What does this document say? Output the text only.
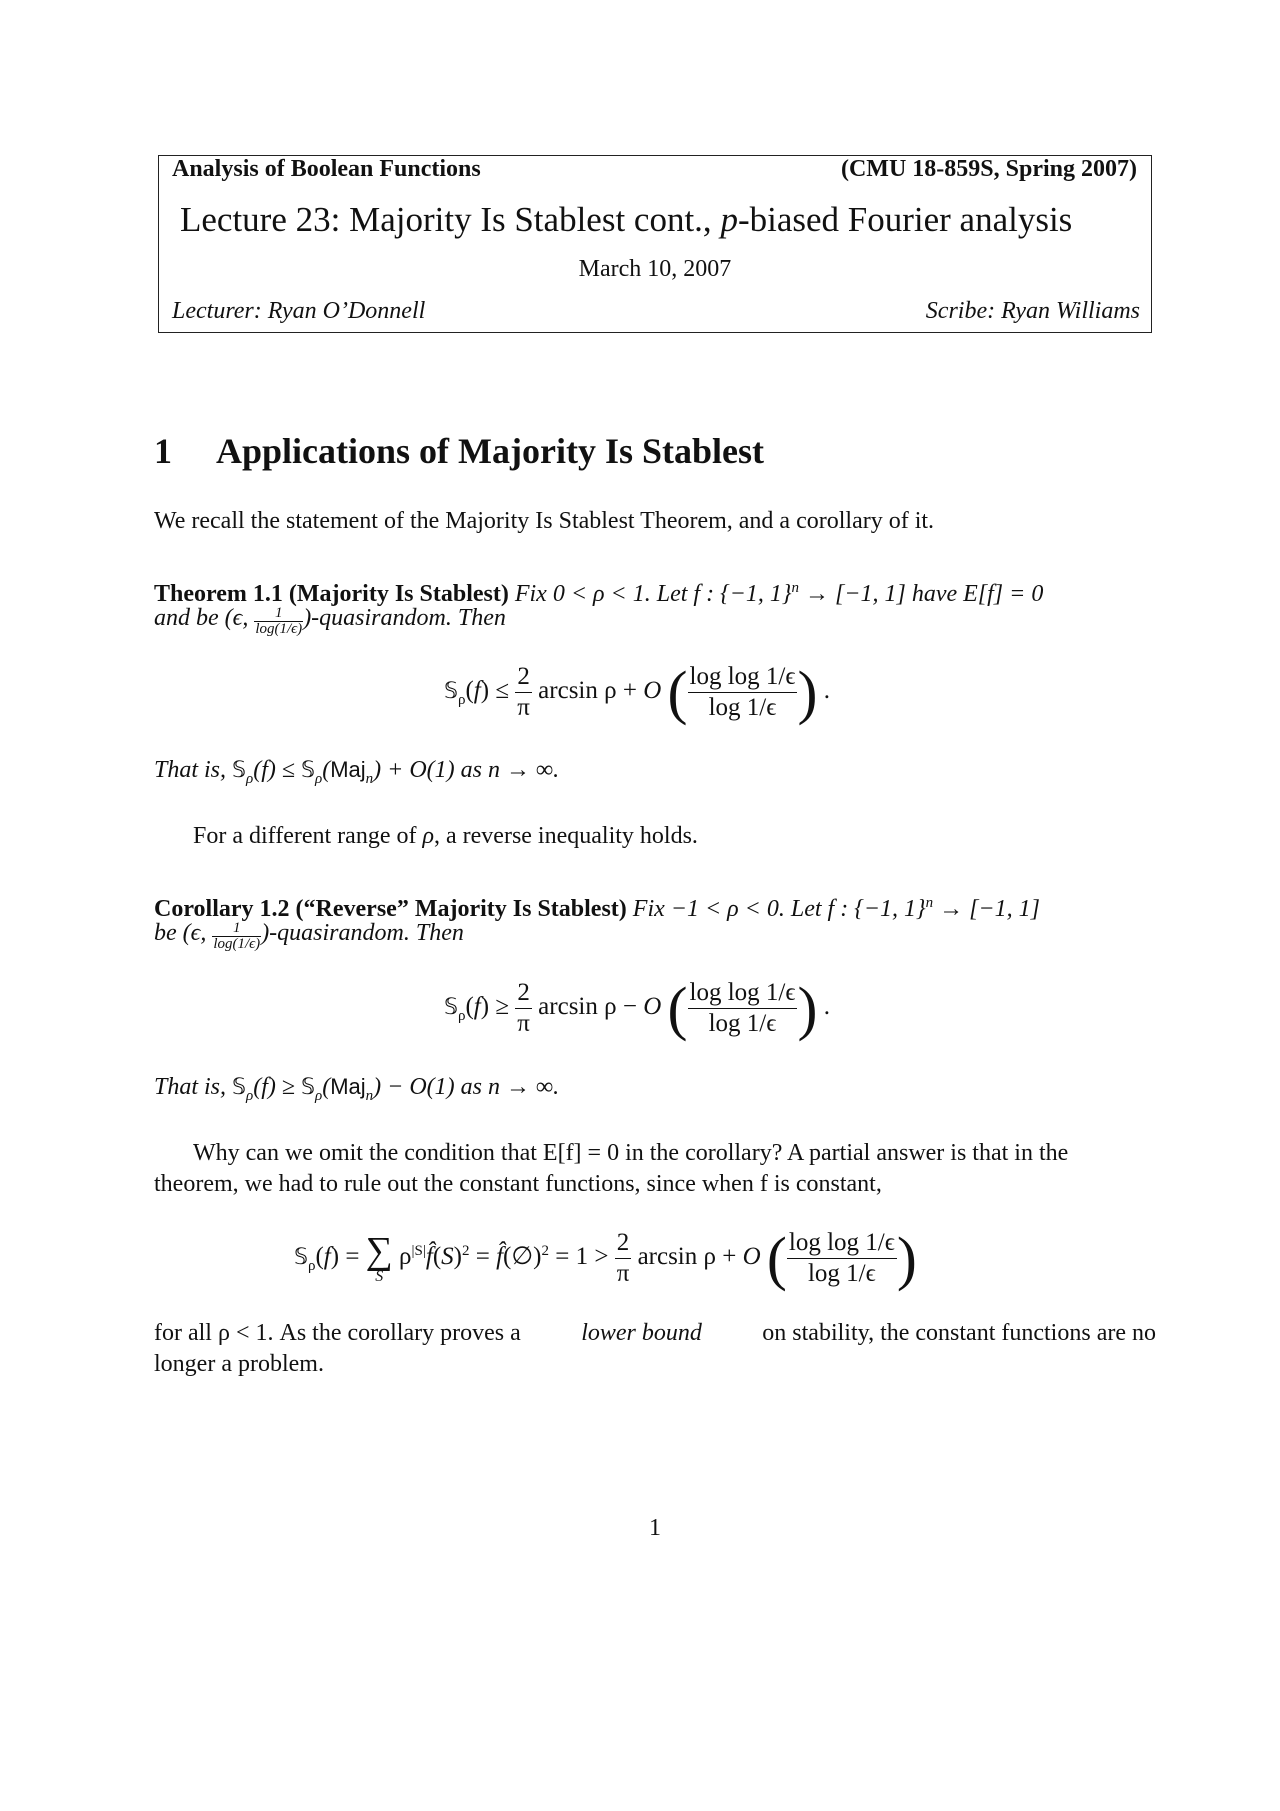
Analysis of Boolean Functions	(CMU 18-859S, Spring 2007)
Lecture 23: Majority Is Stablest cont., p-biased Fourier analysis
March 10, 2007
Lecturer: Ryan O’Donnell	Scribe: Ryan Williams
1 Applications of Majority Is Stablest
We recall the statement of the Majority Is Stablest Theorem, and a corollary of it.
Theorem 1.1 (Majority Is Stablest) Fix 0 < ρ < 1. Let f : {−1, 1}$^n$ → [−1, 1] have E[f] = 0
and be (ϵ, $\frac{1}{\log(1/\epsilon)}$ )-quasirandom. Then
𝕊$_\rho$(f) ≤ $\frac{2}{\pi}$ arcsin ρ + O ( $\frac{\text{log log 1/ϵ}}{\log 1/\epsilon}$ ) .
That is, 𝕊$_\rho$(f) ≤ 𝕊$_\rho$(Maj$_n$) + O(1) as n → ∞.
For a different range of ρ, a reverse inequality holds.
Corollary 1.2 (“Reverse” Majority Is Stablest) Fix −1 < ρ < 0. Let f : {−1, 1}$^n$ → [−1, 1]
be (ϵ, $\frac{1}{\log(1/\epsilon)}$ )-quasirandom. Then
𝕊$_\rho$(f) ≥ $\frac{2}{\pi}$ arcsin ρ − O ( $\frac{\text{log log 1/ϵ}}{\log 1/\epsilon}$ ) .
That is, 𝕊$_\rho$(f) ≥ 𝕊$_\rho$(Maj$_n$) − O(1) as n → ∞.
Why can we omit the condition that E[f] = 0 in the corollary? A partial answer is that in the
theorem, we had to rule out the constant functions, since when f is constant,
𝕊$_\rho$(f) = ∑
S
$\rho^{|S|}f̂(S)^2$ = f̂(∅)$^2$ = $1 > \frac{2}{\pi}$ arcsin ρ + O ( $\frac{\text{log log 1/ϵ}}{\log 1/\epsilon}$ )
for all ρ < 1. As the corollary proves a	lower bound	on stability, the constant functions are no
longer a problem.
1
